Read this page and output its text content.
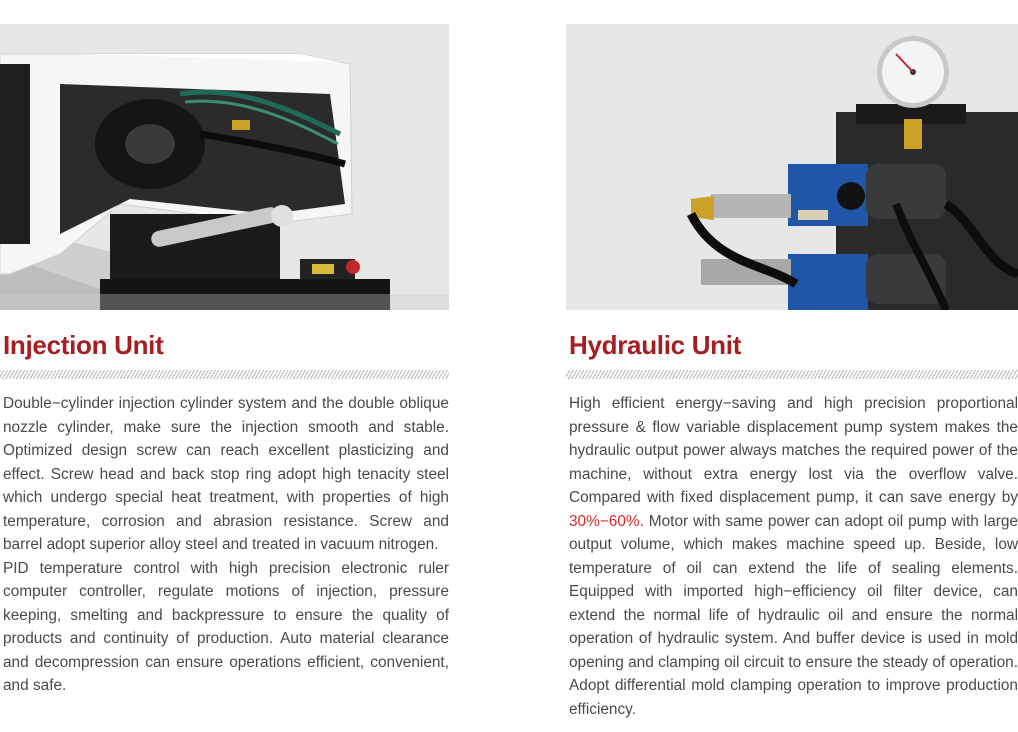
Injection Unit

Double−cylinder injection cylinder system and the double oblique nozzle cylinder, make sure the injection smooth and stable. Optimized design screw can reach excellent plasticizing and effect. Screw head and back stop ring adopt high tenacity steel which undergo special heat treatment, with properties of high temperature, corrosion and abrasion resistance. Screw and barrel adopt superior alloy steel and treated in vacuum nitrogen.

PID temperature control with high precision electronic ruler computer controller, regulate motions of injection, pressure keeping, smelting and backpressure to ensure the quality of products and continuity of production. Auto material clearance and decompression can ensure operations efficient, convenient, and safe.

Hydraulic Unit

High efficient energy−saving and high precision proportional pressure & flow variable displacement pump system makes the hydraulic output power always matches the required power of the machine, without extra energy lost via the overflow valve. Compared with fixed displacement pump, it can save energy by 30%−60%. Motor with same power can adopt oil pump with large output volume, which makes machine speed up. Beside, low temperature of oil can extend the life of sealing elements. Equipped with imported high−efficiency oil filter device, can extend the normal life of hydraulic oil and ensure the normal operation of hydraulic system. And buffer device is used in mold opening and clamping oil circuit to ensure the steady of operation. Adopt differential mold clamping operation to improve production efficiency.
